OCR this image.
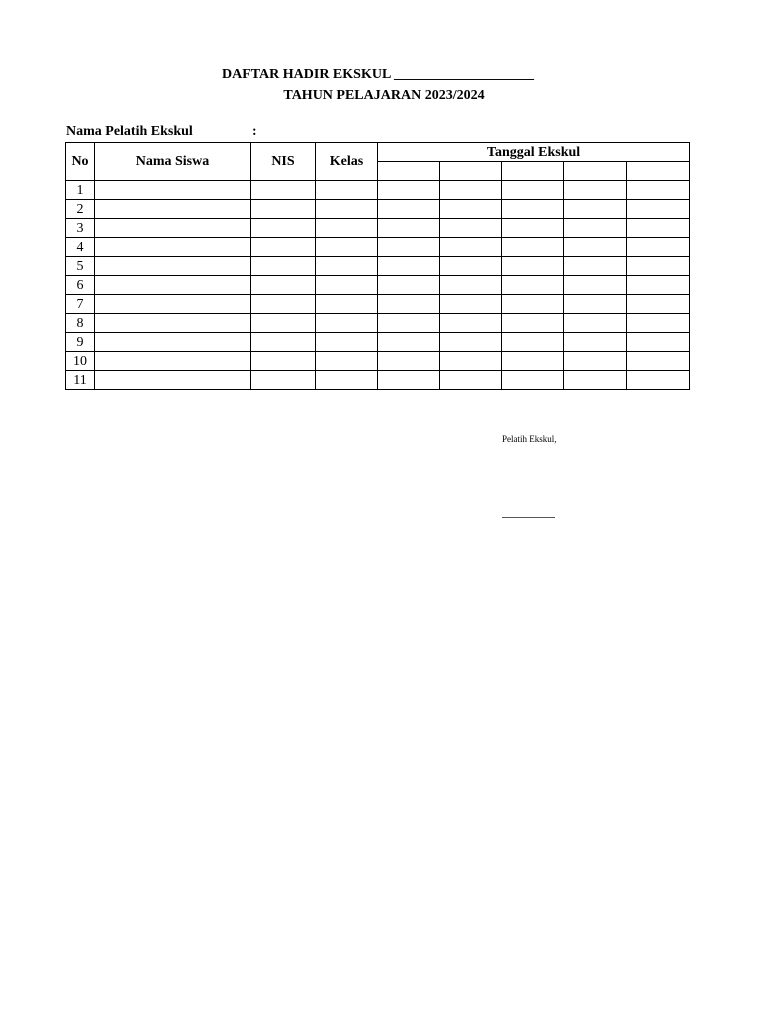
DAFTAR HADIR EKSKUL ____________________
TAHUN PELAJARAN 2023/2024
Nama Pelatih Ekskul	:
No	Nama Siswa	NIS	Kelas	Tanggal Ekskul				

1								
2								
3								
4								
5								
6								
7								
8								
9								
10								
11								
Pelatih Ekskul,
